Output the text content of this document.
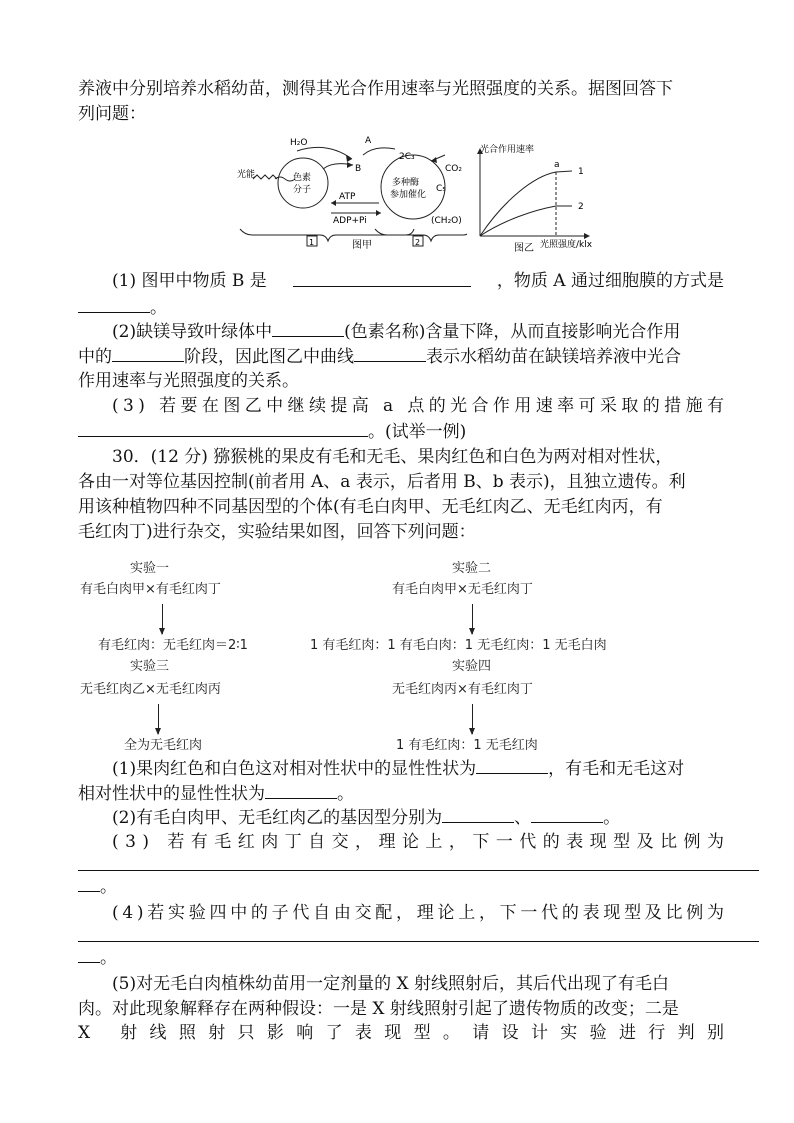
养液中分别培养水稻幼苗，测得其光合作用速率与光照强度的关系。据图回答下
列问题：
H₂O	A
B
光能	色素
分子
ATP
ADP+Pi
2C₃
CO₂
多种酶
参加催化
C₅
(CH₂O)
1	2
图甲
光合作用速率
a
1
2
图乙 光照强度/klx
(1) 图甲中物质 B 是	，物质 A 通过细胞膜的方式是
。
(2)缺镁导致叶绿体中	(色素名称)含量下降，从而直接影响光合作用
中的	阶段，因此图乙中曲线	表示水稻幼苗在缺镁培养液中光合
作用速率与光照强度的关系。
(3) 若要在图乙中继续提高 a 点的光合作用速率可采取的措施有
。(试举一例)
30．(12 分) 猕猴桃的果皮有毛和无毛、果肉红色和白色为两对相对性状，
各由一对等位基因控制(前者用 A、a 表示，后者用 B、b 表示)，且独立遗传。利
用该种植物四种不同基因型的个体(有毛白肉甲、无毛红肉乙、无毛红肉丙，有
毛红肉丁)进行杂交，实验结果如图，回答下列问题：
实验一
有毛白肉甲×有毛红肉丁
有毛红肉：无毛红肉＝2∶1
实验二
有毛白肉甲×无毛红肉丁
1 有毛红肉：1 有毛白肉：1 无毛红肉：1 无毛白肉
实验三
无毛红肉乙×无毛红肉丙
全为无毛红肉
实验四
无毛红肉丙×有毛红肉丁
1 有毛红肉：1 无毛红肉
(1)果肉红色和白色这对相对性状中的显性性状为	，有毛和无毛这对
相对性状中的显性性状为	。
(2)有毛白肉甲、无毛红肉乙的基因型分别为	、	。
(3) 若有毛红肉丁自交，理论上，下一代的表现型及比例为
。
(4)若实验四中的子代自由交配，理论上，下一代的表现型及比例为
。
(5)对无毛白肉植株幼苗用一定剂量的 X 射线照射后，其后代出现了有毛白
肉。对此现象解释存在两种假设：一是 X 射线照射引起了遗传物质的改变；二是
X 射线照射只影响了表现型。请设计实验进行判别
